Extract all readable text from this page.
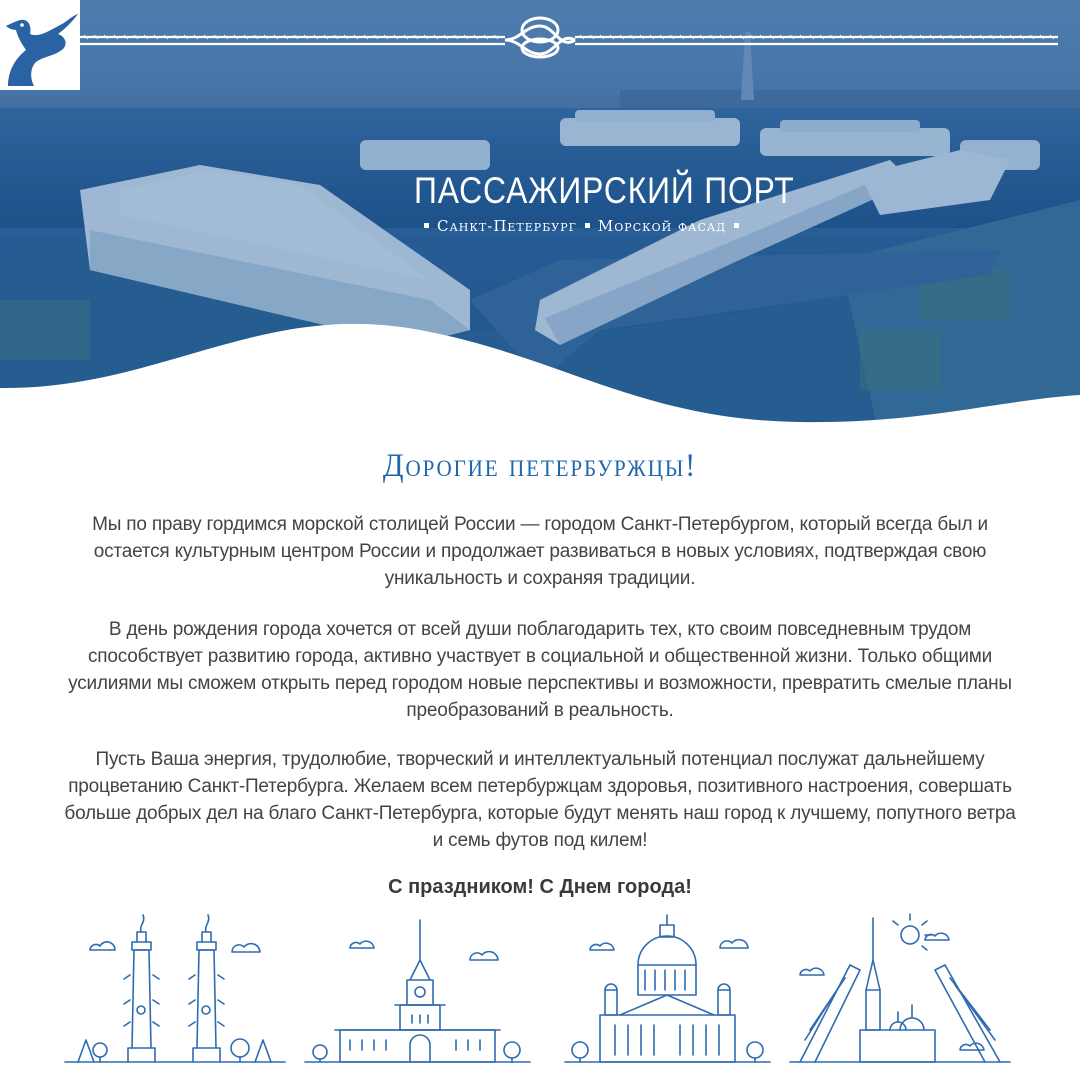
ПАССАЖИРСКИЙ ПОРТ
Санкт-Петербург Морской фасад
Дорогие петербуржцы!
Мы по праву гордимся морской столицей России — городом Санкт-Петербургом, который всегда был и остается культурным центром России и продолжает развиваться в новых условиях, подтверждая свою уникальность и сохраняя традиции.
В день рождения города хочется от всей души поблагодарить тех, кто своим повседневным трудом способствует развитию города, активно участвует в социальной и общественной жизни. Только общими усилиями мы сможем открыть перед городом новые перспективы и возможности, превратить смелые планы преобразований в реальность.
Пусть Ваша энергия, трудолюбие, творческий и интеллектуальный потенциал послужат дальнейшему процветанию Санкт-Петербурга. Желаем всем петербуржцам здоровья, позитивного настроения, совершать больше добрых дел на благо Санкт-Петербурга, которые будут менять наш город к лучшему, попутного ветра и семь футов под килем!
С праздником! С Днем города!
